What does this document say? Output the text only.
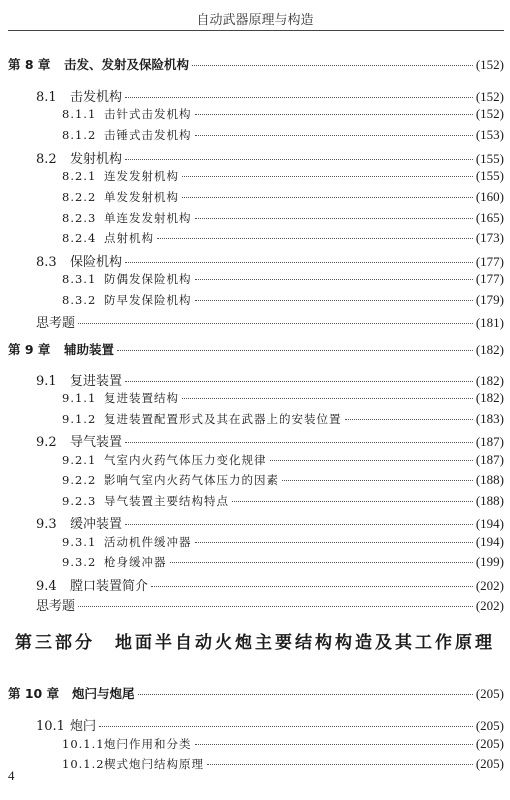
自动武器原理与构造
第 8 章	击发、发射及保险机构	(152)
8.1	击发机构	(152)
8.1.1 击针式击发机构	(152)
8.1.2 击锤式击发机构	(153)
8.2	发射机构	(155)
8.2.1 连发发射机构	(155)
8.2.2 单发发射机构	(160)
8.2.3 单连发发射机构	(165)
8.2.4 点射机构	(173)
8.3	保险机构	(177)
8.3.1 防偶发保险机构	(177)
8.3.2 防早发保险机构	(179)
思考题	(181)
第 9 章	辅助装置	(182)
9.1	复进装置	(182)
9.1.1 复进装置结构	(182)
9.1.2 复进装置配置形式及其在武器上的安装位置	(183)
9.2	导气装置	(187)
9.2.1 气室内火药气体压力变化规律	(187)
9.2.2 影响气室内火药气体压力的因素	(188)
9.2.3 导气装置主要结构特点	(188)
9.3	缓冲装置	(194)
9.3.1 活动机件缓冲器	(194)
9.3.2 枪身缓冲器	(199)
9.4	膛口装置简介	(202)
思考题	(202)
第 10 章	炮闩与炮尾	(205)
10.1 炮闩	(205)
10.1.1 炮闩作用和分类	(205)
10.1.2 楔式炮闩结构原理	(205)
第三部分　地面半自动火炮主要结构构造及其工作原理
4
